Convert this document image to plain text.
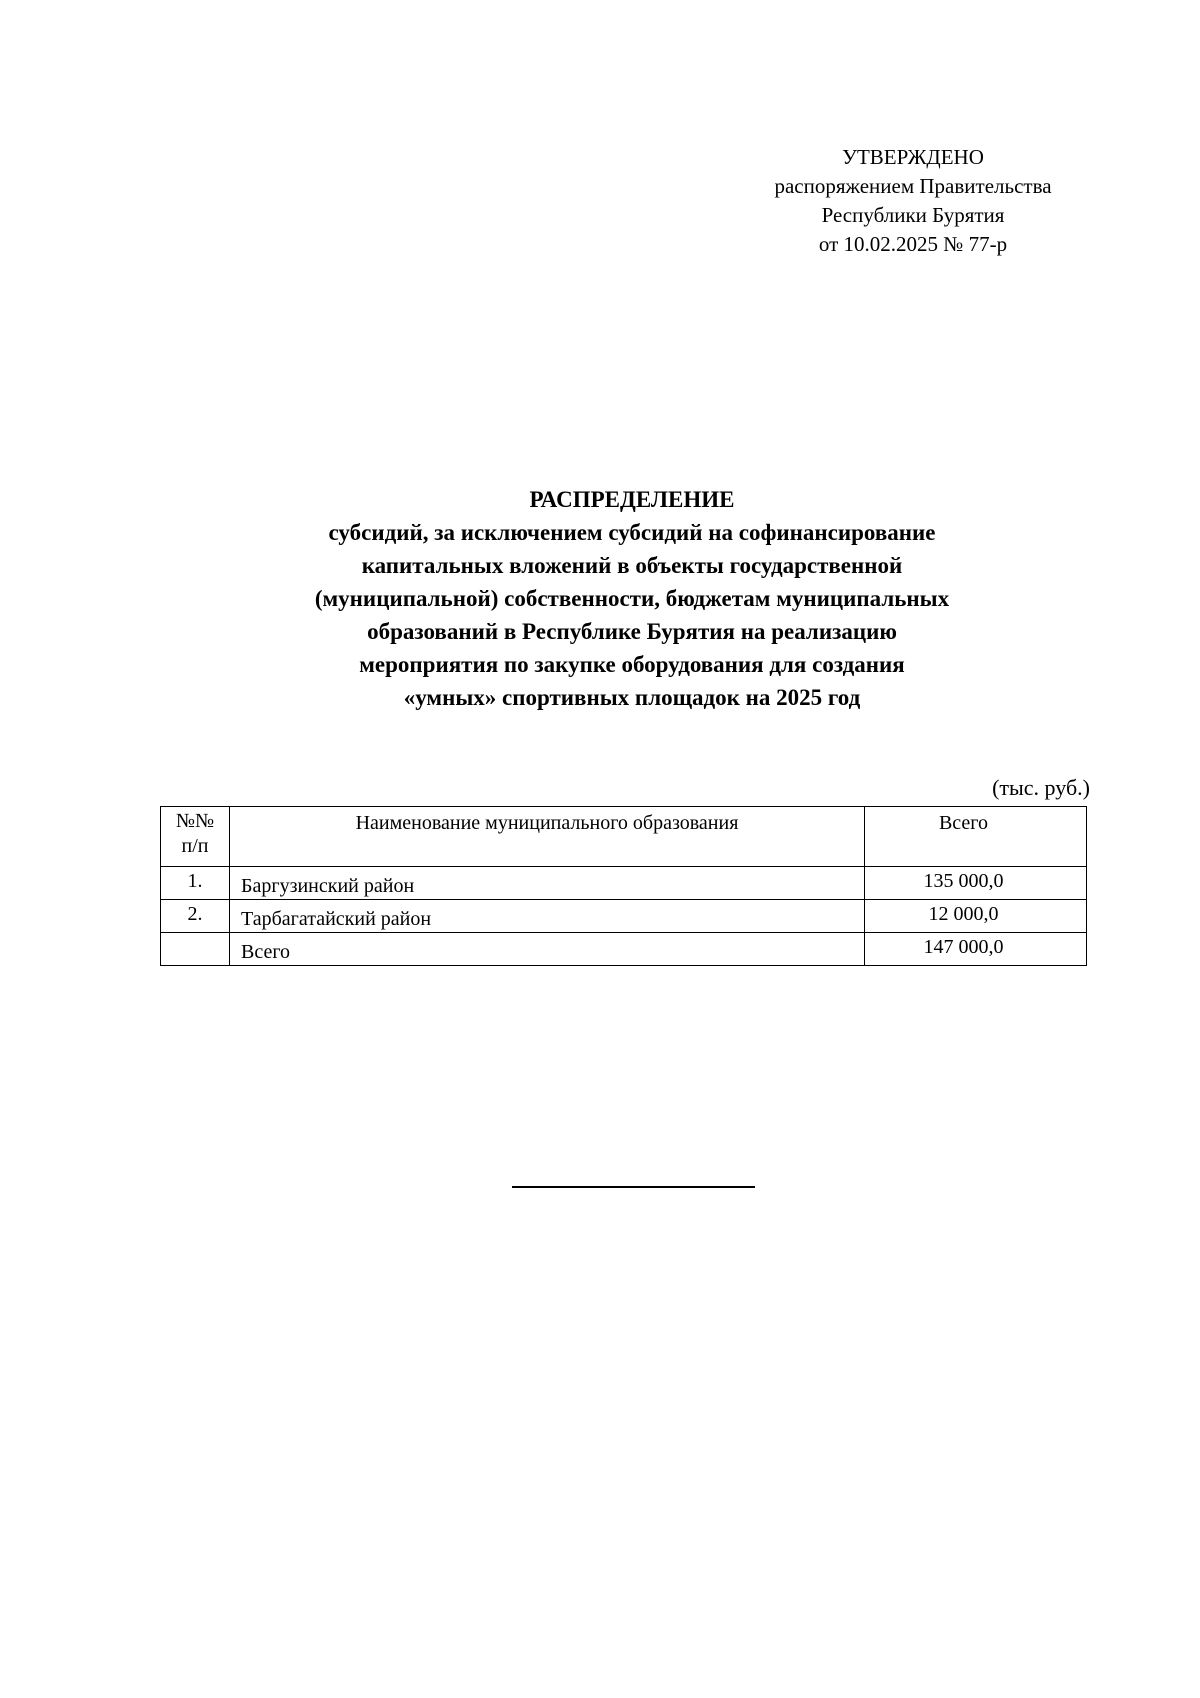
УТВЕРЖДЕНО
распоряжением Правительства
Республики Бурятия
от 10.02.2025 № 77-р
РАСПРЕДЕЛЕНИЕ
субсидий, за исключением субсидий на софинансирование
капитальных вложений в объекты государственной
(муниципальной) собственности, бюджетам муниципальных
образований в Республике Бурятия на реализацию
мероприятия по закупке оборудования для создания
«умных» спортивных площадок на 2025 год
(тыс. руб.)
№№
п/п	Наименование муниципального образования	Всего
1.	Баргузинский район	135 000,0
2.	Тарбагатайский район	12 000,0
	Всего	147 000,0
